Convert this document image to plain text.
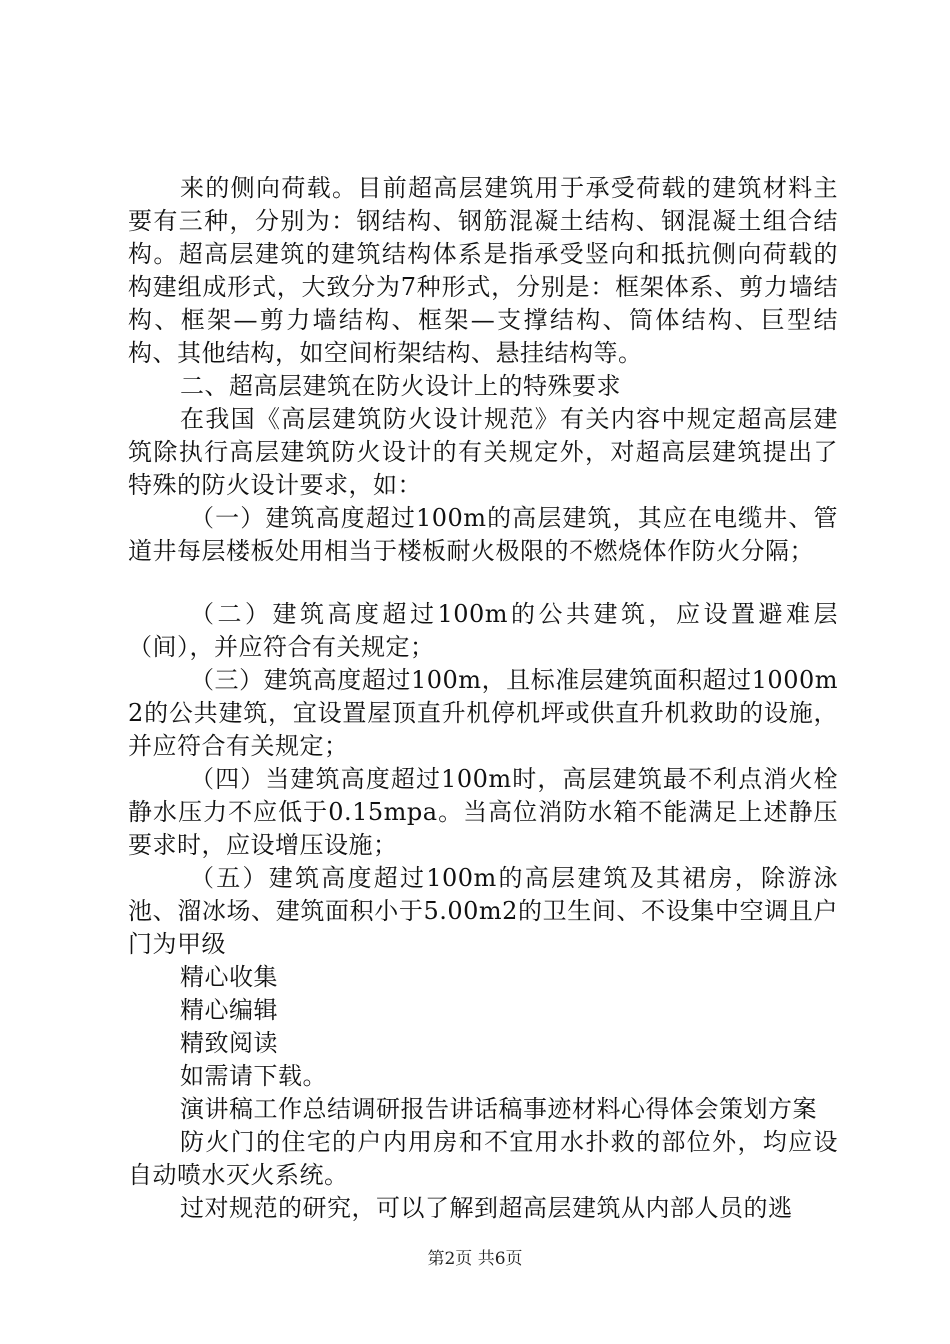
来的侧向荷载。目前超高层建筑用于承受荷载的建筑材料主要有三种，分别为：钢结构、钢筋混凝土结构、钢混凝土组合结构。超高层建筑的建筑结构体系是指承受竖向和抵抗侧向荷载的构建组成形式，大致分为7种形式，分别是：框架体系、剪力墙结构、框架—剪力墙结构、框架—支撑结构、筒体结构、巨型结构、其他结构，如空间桁架结构、悬挂结构等。

二、超高层建筑在防火设计上的特殊要求

在我国《高层建筑防火设计规范》有关内容中规定超高层建筑除执行高层建筑防火设计的有关规定外，对超高层建筑提出了特殊的防火设计要求，如：

（一）建筑高度超过100m的高层建筑，其应在电缆井、管道井每层楼板处用相当于楼板耐火极限的不燃烧体作防火分隔；

（二）建筑高度超过100m的公共建筑，应设置避难层（间），并应符合有关规定；

（三）建筑高度超过100m，且标准层建筑面积超过1000m2的公共建筑，宜设置屋顶直升机停机坪或供直升机救助的设施，并应符合有关规定；

（四）当建筑高度超过100m时，高层建筑最不利点消火栓静水压力不应低于0.15mpa。当高位消防水箱不能满足上述静压要求时，应设增压设施；

（五）建筑高度超过100m的高层建筑及其裙房，除游泳池、溜冰场、建筑面积小于5.00m2的卫生间、不设集中空调且户门为甲级

精心收集

精心编辑

精致阅读

如需请下载。

演讲稿工作总结调研报告讲话稿事迹材料心得体会策划方案

防火门的住宅的户内用房和不宜用水扑救的部位外，均应设自动喷水灭火系统。

过对规范的研究，可以了解到超高层建筑从内部人员的逃

第2页 共6页
